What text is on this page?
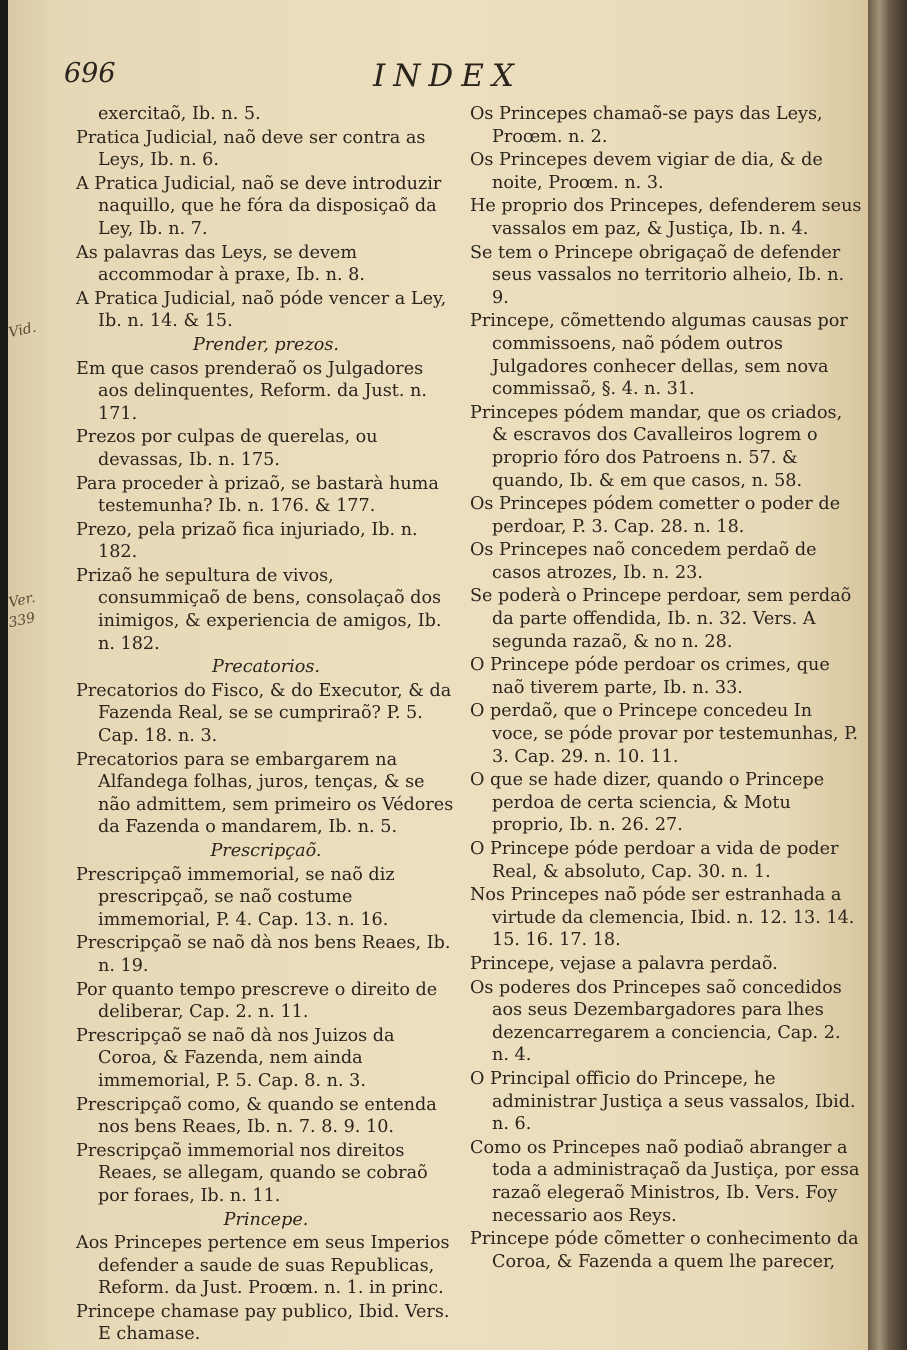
696	INDEX
Vid.
Ver.
339
exercitaõ, Ib. n. 5.
Pratica Judicial, naõ deve ser contra as Leys, Ib. n. 6.
A Pratica Judicial, naõ se deve introduzir naquillo, que he fóra da disposiçaõ da Ley, Ib. n. 7.
As palavras das Leys, se devem accommodar à praxe, Ib. n. 8.
A Pratica Judicial, naõ póde vencer a Ley, Ib. n. 14. & 15.
Prender, prezos.
Em que casos prenderaõ os Julgadores aos delinquentes, Reform. da Just. n. 171.
Prezos por culpas de querelas, ou devassas, Ib. n. 175.
Para proceder à prizaõ, se bastarà huma testemunha? Ib. n. 176. & 177.
Prezo, pela prizaõ fica injuriado, Ib. n. 182.
Prizaõ he sepultura de vivos, consummiçaõ de bens, consolaçaõ dos inimigos, & experiencia de amigos, Ib. n. 182.
Precatorios.
Precatorios do Fisco, & do Executor, & da Fazenda Real, se se cumpriraõ? P. 5. Cap. 18. n. 3.
Precatorios para se embargarem na Alfandega folhas, juros, tenças, & se não admittem, sem primeiro os Védores da Fazenda o mandarem, Ib. n. 5.
Prescripçaõ.
Prescripçaõ immemorial, se naõ diz prescripçaõ, se naõ costume immemorial, P. 4. Cap. 13. n. 16.
Prescripçaõ se naõ dà nos bens Reaes, Ib. n. 19.
Por quanto tempo prescreve o direito de deliberar, Cap. 2. n. 11.
Prescripçaõ se naõ dà nos Juizos da Coroa, & Fazenda, nem ainda immemorial, P. 5. Cap. 8. n. 3.
Prescripçaõ como, & quando se entenda nos bens Reaes, Ib. n. 7. 8. 9. 10.
Prescripçaõ immemorial nos direitos Reaes, se allegam, quando se cobraõ por foraes, Ib. n. 11.
Princepe.
Aos Princepes pertence em seus Imperios defender a saude de suas Republicas, Reform. da Just. Proœm. n. 1. in princ.
Princepe chamase pay publico, Ibid. Vers. E chamase.
Os Princepes chamaõ-se pays das Leys, Proœm. n. 2.
Os Princepes devem vigiar de dia, & de noite, Proœm. n. 3.
He proprio dos Princepes, defenderem seus vassalos em paz, & Justiça, Ib. n. 4.
Se tem o Princepe obrigaçaõ de defender seus vassalos no territorio alheio, Ib. n. 9.
Princepe, cõmettendo algumas causas por commissoens, naõ pódem outros Julgadores conhecer dellas, sem nova commissaõ, §. 4. n. 31.
Princepes pódem mandar, que os criados, & escravos dos Cavalleiros logrem o proprio fóro dos Patroens n. 57. & quando, Ib. & em que casos, n. 58.
Os Princepes pódem cometter o poder de perdoar, P. 3. Cap. 28. n. 18.
Os Princepes naõ concedem perdaõ de casos atrozes, Ib. n. 23.
Se poderà o Princepe perdoar, sem perdaõ da parte offendida, Ib. n. 32. Vers. A segunda razaõ, & no n. 28.
O Princepe póde perdoar os crimes, que naõ tiverem parte, Ib. n. 33.
O perdaõ, que o Princepe concedeu In voce, se póde provar por testemunhas, P. 3. Cap. 29. n. 10. 11.
O que se hade dizer, quando o Princepe perdoa de certa sciencia, & Motu proprio, Ib. n. 26. 27.
O Princepe póde perdoar a vida de poder Real, & absoluto, Cap. 30. n. 1.
Nos Princepes naõ póde ser estranhada a virtude da clemencia, Ibid. n. 12. 13. 14. 15. 16. 17. 18.
Princepe, vejase a palavra perdaõ.
Os poderes dos Princepes saõ concedidos aos seus Dezembargadores para lhes dezencarregarem a conciencia, Cap. 2. n. 4.
O Principal officio do Princepe, he administrar Justiça a seus vassalos, Ibid. n. 6.
Como os Princepes naõ podiaõ abranger a toda a administraçaõ da Justiça, por essa razaõ elegeraõ Ministros, Ib. Vers. Foy necessario aos Reys.
Princepe póde cõmetter o conhecimento da Coroa, & Fazenda a quem lhe parecer,
